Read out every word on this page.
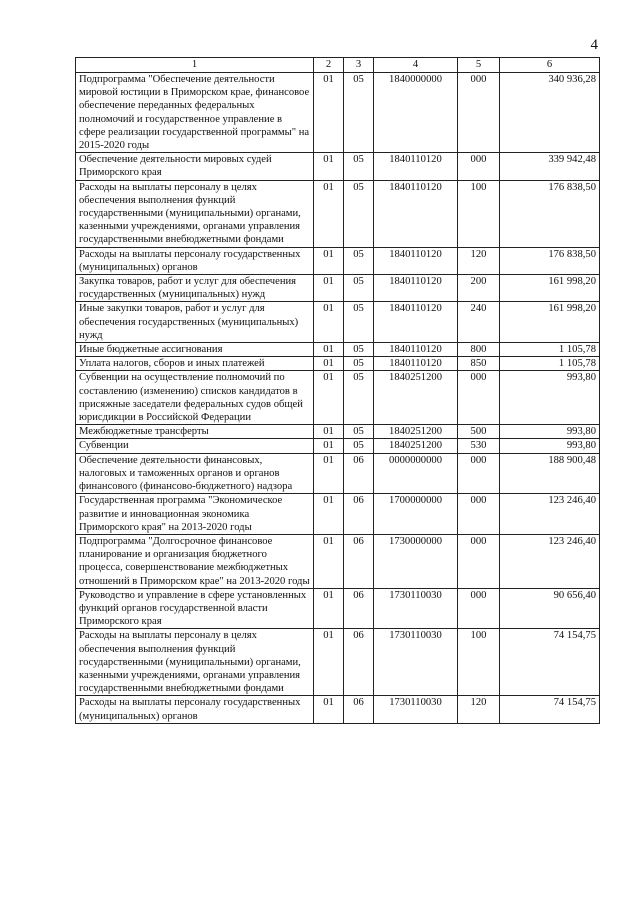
4
1	2	3	4	5	6
Подпрограмма "Обеспечение деятельности мировой юстиции в Приморском крае, финансовое обеспечение переданных федеральных полномочий и государственное управление в сфере реализации государственной программы" на 2015-2020 годы	01	05	1840000000	000	340 936,28
Обеспечение деятельности мировых судей Приморского края	01	05	1840110120	000	339 942,48
Расходы на выплаты персоналу в целях обеспечения выполнения функций государственными (муниципальными) органами, казенными учреждениями, органами управления государственными внебюджетными фондами	01	05	1840110120	100	176 838,50
Расходы на выплаты персоналу государственных (муниципальных) органов	01	05	1840110120	120	176 838,50
Закупка товаров, работ и услуг для обеспечения государственных (муниципальных) нужд	01	05	1840110120	200	161 998,20
Иные закупки товаров, работ и услуг для обеспечения государственных (муниципальных) нужд	01	05	1840110120	240	161 998,20
Иные бюджетные ассигнования	01	05	1840110120	800	1 105,78
Уплата налогов, сборов и иных платежей	01	05	1840110120	850	1 105,78
Субвенции на осуществление полномочий по составлению (изменению) списков кандидатов в присяжные заседатели федеральных судов общей юрисдикции в Российской Федерации	01	05	1840251200	000	993,80
Межбюджетные трансферты	01	05	1840251200	500	993,80
Субвенции	01	05	1840251200	530	993,80
Обеспечение деятельности финансовых, налоговых и таможенных органов и органов финансового (финансово-бюджетного) надзора	01	06	0000000000	000	188 900,48
Государственная программа "Экономическое развитие и инновационная экономика Приморского края" на 2013-2020 годы	01	06	1700000000	000	123 246,40
Подпрограмма "Долгосрочное финансовое планирование и организация бюджетного процесса, совершенствование межбюджетных отношений в Приморском крае" на 2013-2020 годы	01	06	1730000000	000	123 246,40
Руководство и управление в сфере установленных функций органов государственной власти Приморского края	01	06	1730110030	000	90 656,40
Расходы на выплаты персоналу в целях обеспечения выполнения функций государственными (муниципальными) органами, казенными учреждениями, органами управления государственными внебюджетными фондами	01	06	1730110030	100	74 154,75
Расходы на выплаты персоналу государственных (муниципальных) органов	01	06	1730110030	120	74 154,75
